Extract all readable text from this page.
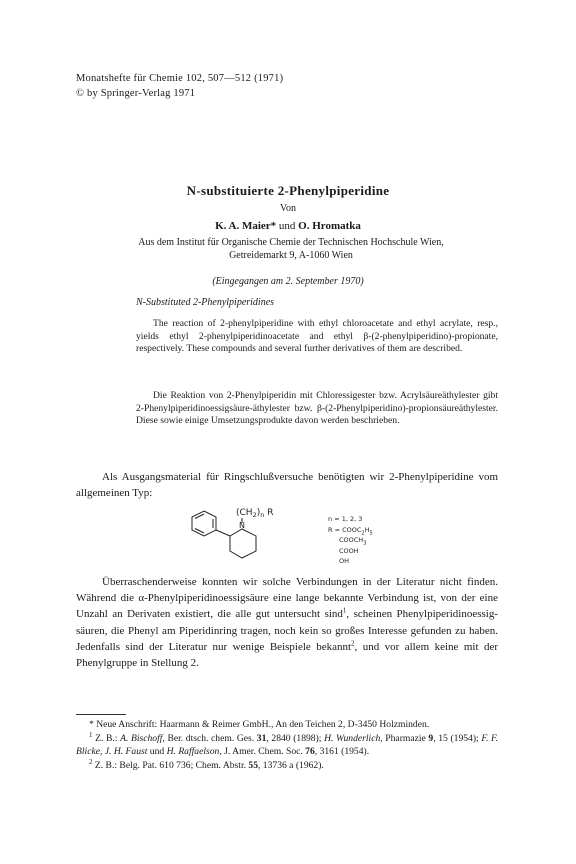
Monatshefte für Chemie 102, 507—512 (1971)
© by Springer-Verlag 1971
N-substituierte 2-Phenylpiperidine
Von
K. A. Maier* und O. Hromatka
Aus dem Institut für Organische Chemie der Technischen Hochschule Wien,
Getreidemarkt 9, A-1060 Wien
(Eingegangen am 2. September 1970)
N-Substituted 2-Phenylpiperidines

The reaction of 2-phenylpiperidine with ethyl chloroacetate and ethyl acrylate, resp., yields ethyl 2-phenylpiperidinoacetate and ethyl β-(2-phenylpiperidino)-propionate, respectively. These compounds and several further derivatives of them are described.

Die Reaktion von 2-Phenylpiperidin mit Chloressigester bzw. Acrylsäureäthylester gibt 2-Phenylpiperidinoessigsäure-äthylester bzw. β-(2-Phenylpiperidino)-propionsäureäthylester. Diese sowie einige Umsetzungsprodukte davon werden beschrieben.

Als Ausgangsmaterial für Ringschlußversuche benötigten wir 2-Phenylpiperidine vom allgemeinen Typ:

$(CH_2)_n$ R
N
n = 1, 2, 3
$R = COOC_2H_5$
$COOCH_3$
COOH
OH

Überraschenderweise konnten wir solche Verbindungen in der Literatur nicht finden. Während die α-Phenylpiperidinoessigsäure eine lange bekannte Verbindung ist, von der eine Unzahl an Derivaten existiert, die alle gut untersucht sind$^1$, scheinen Phenylpiperidinoessig-säuren, die Phenyl am Piperidinring tragen, noch kein so großes Interesse gefunden zu haben. Jedenfalls sind der Literatur nur wenige Beispiele bekannt$^2$, und vor allem keine mit der Phenylgruppe in Stellung 2.

* Neue Anschrift: Haarmann & Reimer GmbH., An den Teichen 2, D-3450 Holzminden.

$^1$ Z. B.: A. Bischoff, Ber. dtsch. chem. Ges. 31, 2840 (1898); H. Wunderlich, Pharmazie 9, 15 (1954); F. F. Blicke, J. H. Faust und H. Raffaelson, J. Amer. Chem. Soc. 76, 3161 (1954).

$^2$ Z. B.: Belg. Pat. 610 736; Chem. Abstr. 55, 13736 a (1962).
